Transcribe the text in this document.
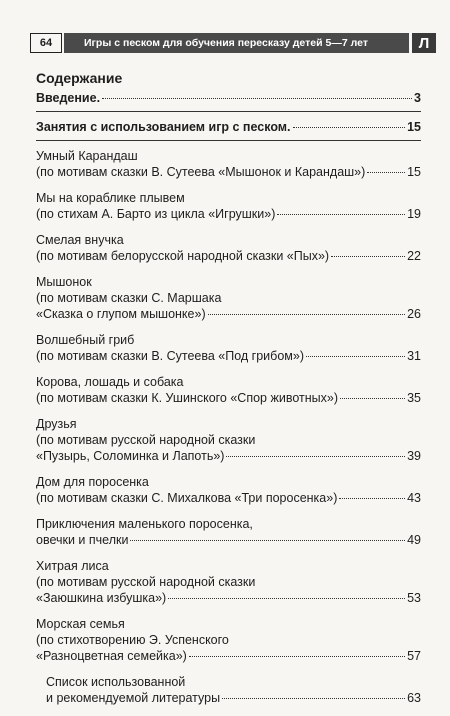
64	Игры с песком для обучения пересказу детей 5—7 лет	Л
Содержание
Введение.	3
Занятия с использованием игр с песком.	15
Умный Карандаш
(по мотивам сказки В. Сутеева «Мышонок и Карандаш»)	15
Мы на кораблике плывем
(по стихам А. Барто из цикла «Игрушки»)	19
Смелая внучка
(по мотивам белорусской народной сказки «Пых»)	22
Мышонок
(по мотивам сказки С. Маршака
«Сказка о глупом мышонке»)	26
Волшебный гриб
(по мотивам сказки В. Сутеева «Под грибом»)	31
Корова, лошадь и собака
(по мотивам сказки К. Ушинского «Спор животных»)	35
Друзья
(по мотивам русской народной сказки
«Пузырь, Соломинка и Лапоть»)	39
Дом для поросенка
(по мотивам сказки С. Михалкова «Три поросенка»)	43
Приключения маленького поросенка,
овечки и пчелки	49
Хитрая лиса
(по мотивам русской народной сказки
«Заюшкина избушка»)	53
Морская семья
(по стихотворению Э. Успенского
«Разноцветная семейка»)	57
Список использованной
и рекомендуемой литературы	63
